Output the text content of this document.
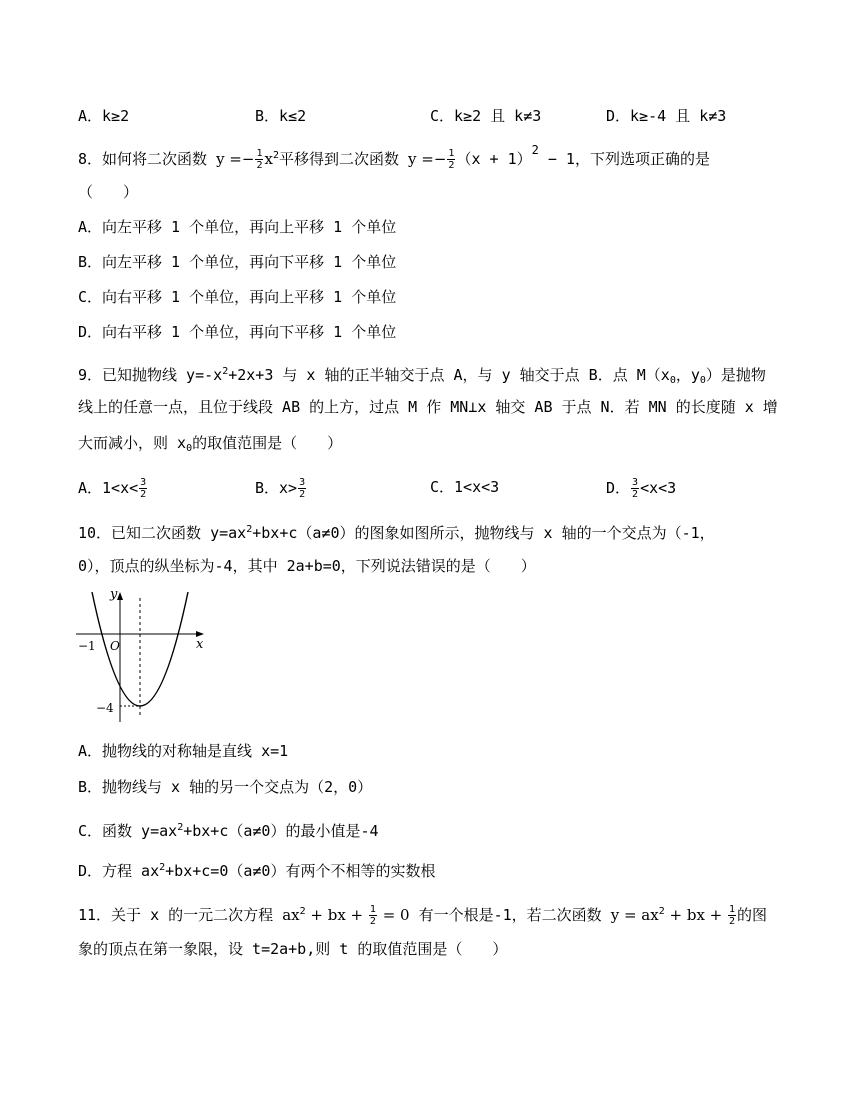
A．k≥2	B．k≤2	C．k≥2 且 k≠3	D．k≥-4 且 k≠3
8．如何将二次函数 $y =- \frac{1}{2} x^2$平移得到二次函数 $y =- \frac{1}{2} (x + 1)^2 - 1$，下列选项正确的是
（　　）
A．向左平移 1 个单位，再向上平移 1 个单位
B．向左平移 1 个单位，再向下平移 1 个单位
C．向右平移 1 个单位，再向上平移 1 个单位
D．向右平移 1 个单位，再向下平移 1 个单位
9．已知抛物线 $y=-x^2+2x+3$ 与 x 轴的正半轴交于点 A，与 y 轴交于点 B．点 $M(x_0$，$y_0$）是抛物
线上的任意一点，且位于线段 AB 的上方，过点 M 作 MN⊥x 轴交 AB 于点 N．若 MN 的长度随 x 增
大而减小，则 $x_0$的取值范围是（　　）
A．$1<x< \frac{3}{2}$	B．$x> \frac{3}{2}$	C．1<x<3	D． $\frac{3}{2} <x<3$
10．已知二次函数 $y=ax^2+bx+c(a\ne 0)$的图象如图所示，抛物线与 x 轴的一个交点为（-1，
0），顶点的纵坐标为-4，其中 2a+b=0，下列说法错误的是（　　）
y
x
O
−1
−4
A．抛物线的对称轴是直线 x=1
B．抛物线与 x 轴的另一个交点为（2，0）
C．函数 $y=ax^2+bx+c(a\ne 0)$的最小值是-4
D．方程 $ax^2+bx+c=0(a\ne 0)$有两个不相等的实数根
11．关于 x 的一元二次方程 $ax^2$ + bx + $\frac{1}{2} = 0$ 有一个根是-1，若二次函数 $y = ax^2$ + bx + $\frac{1}{2}$ 的图
象的顶点在第一象限，设 t=2a+b,则 t 的取值范围是（　　）
